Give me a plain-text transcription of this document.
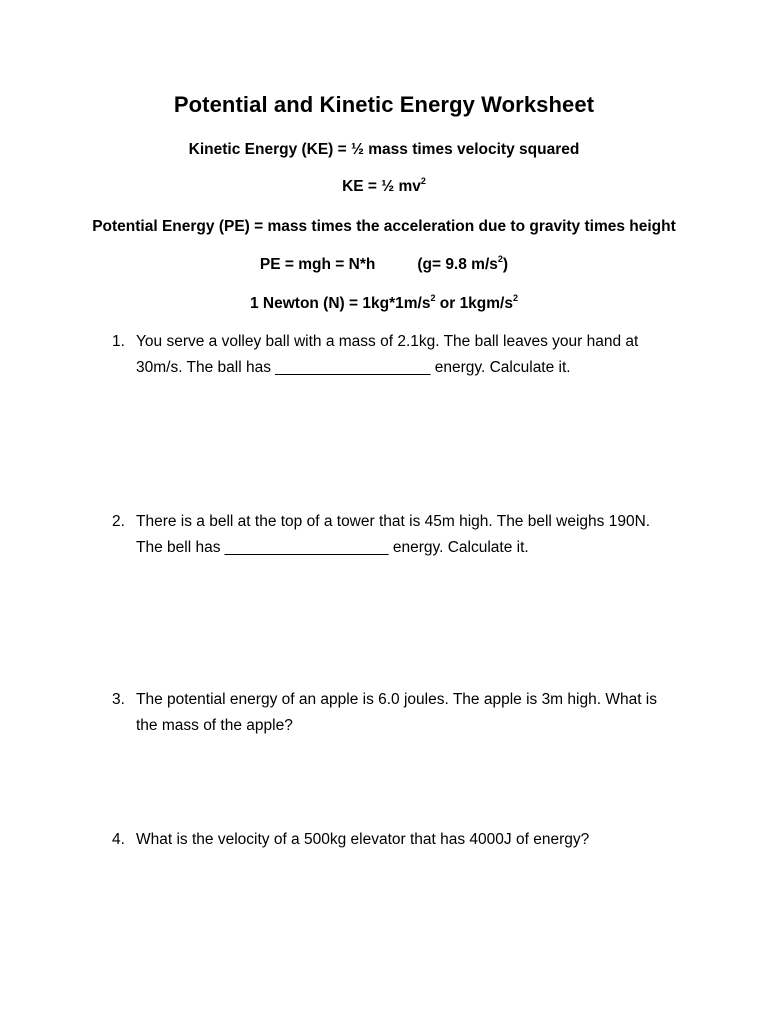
Potential and Kinetic Energy Worksheet
Kinetic Energy (KE) = ½ mass times velocity squared
KE = ½ $mv^2$
Potential Energy (PE) = mass times the acceleration due to gravity times height
PE = mgh = N*h	(g= 9.8 $m/s^2$)
1 Newton $(N) = 1kg*1m/s^2$ or $1kgm/s^2$
1. You serve a volley ball with a mass of 2.1kg. The ball leaves your hand at
30m/s. The ball has __________________ energy. Calculate it.
2. There is a bell at the top of a tower that is 45m high. The bell weighs 190N.
The bell has ___________________ energy. Calculate it.
3. The potential energy of an apple is 6.0 joules. The apple is 3m high. What is
the mass of the apple?
4. What is the velocity of a 500kg elevator that has 4000J of energy?
